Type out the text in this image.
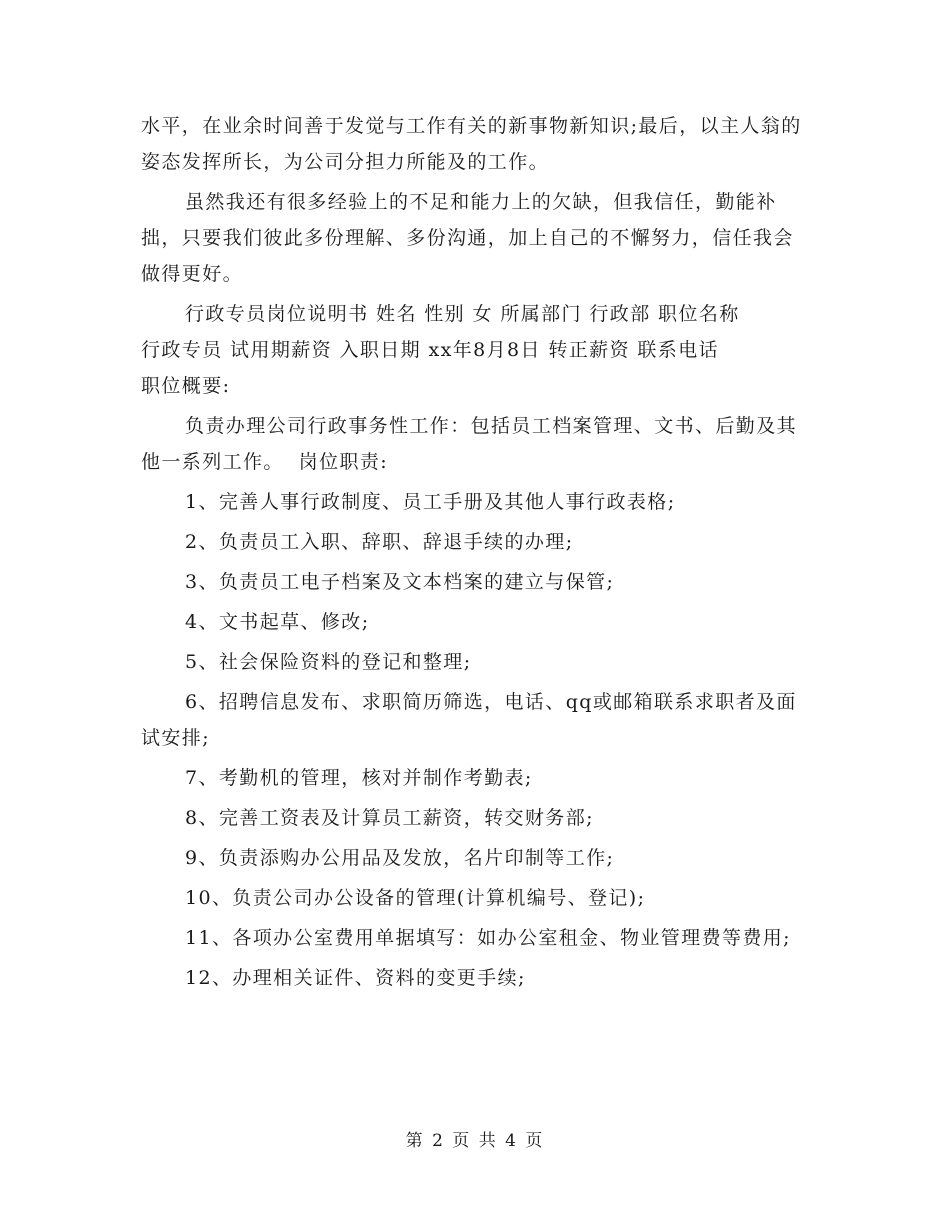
水平，在业余时间善于发觉与工作有关的新事物新知识;最后，以主人翁的姿态发挥所长，为公司分担力所能及的工作。

虽然我还有很多经验上的不足和能力上的欠缺，但我信任，勤能补拙，只要我们彼此多份理解、多份沟通，加上自己的不懈努力，信任我会做得更好。

行政专员岗位说明书 姓名 性别 女 所属部门 行政部 职位名称

行政专员 试用期薪资 入职日期 xx年8月8日 转正薪资 联系电话

职位概要:

负责办理公司行政事务性工作：包括员工档案管理、文书、后勤及其他一系列工作。  岗位职责:

1、完善人事行政制度、员工手册及其他人事行政表格;

2、负责员工入职、辞职、辞退手续的办理;

3、负责员工电子档案及文本档案的建立与保管;

4、文书起草、修改;

5、社会保险资料的登记和整理;

6、招聘信息发布、求职简历筛选，电话、qq或邮箱联系求职者及面试安排;

7、考勤机的管理，核对并制作考勤表;

8、完善工资表及计算员工薪资，转交财务部;

9、负责添购办公用品及发放，名片印制等工作;

10、负责公司办公设备的管理(计算机编号、登记);

11、各项办公室费用单据填写：如办公室租金、物业管理费等费用;

12、办理相关证件、资料的变更手续;

第 2 页 共 4 页
